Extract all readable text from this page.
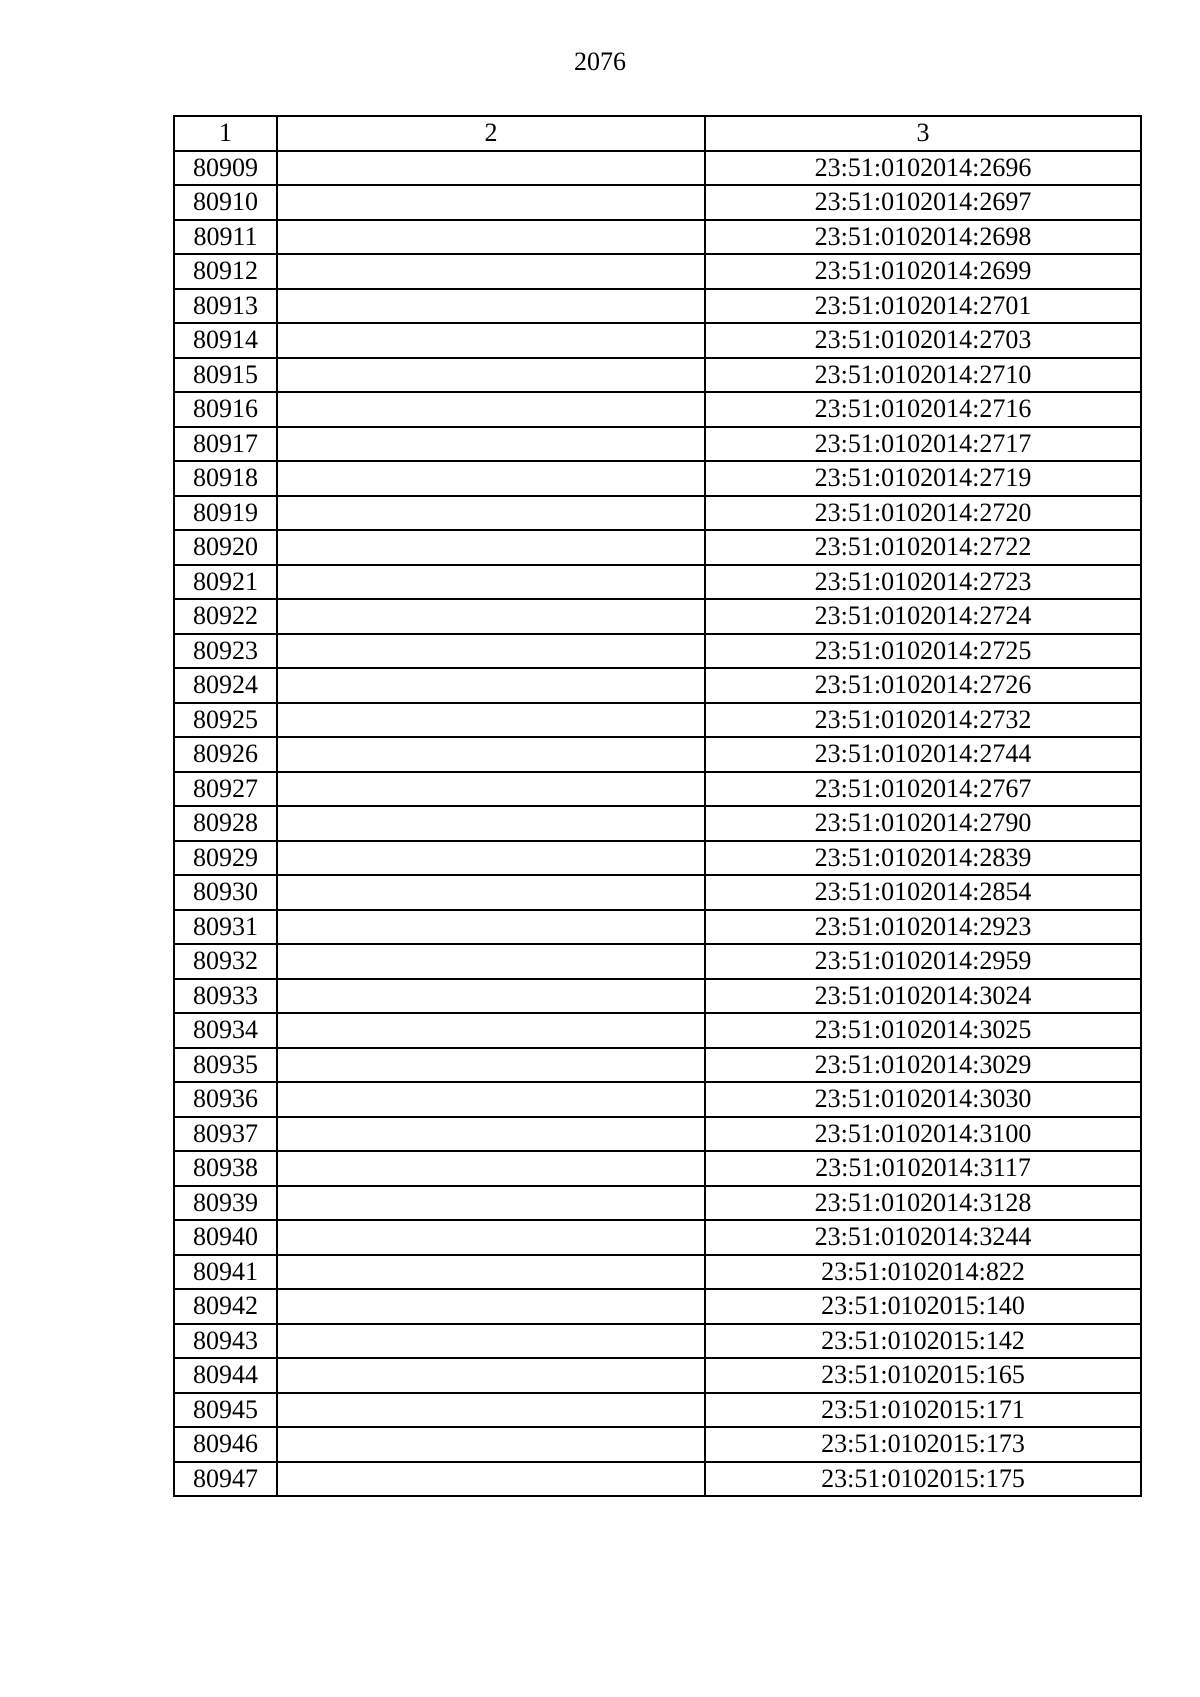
2076
1	2	3
80909		23:51:0102014:2696
80910		23:51:0102014:2697
80911		23:51:0102014:2698
80912		23:51:0102014:2699
80913		23:51:0102014:2701
80914		23:51:0102014:2703
80915		23:51:0102014:2710
80916		23:51:0102014:2716
80917		23:51:0102014:2717
80918		23:51:0102014:2719
80919		23:51:0102014:2720
80920		23:51:0102014:2722
80921		23:51:0102014:2723
80922		23:51:0102014:2724
80923		23:51:0102014:2725
80924		23:51:0102014:2726
80925		23:51:0102014:2732
80926		23:51:0102014:2744
80927		23:51:0102014:2767
80928		23:51:0102014:2790
80929		23:51:0102014:2839
80930		23:51:0102014:2854
80931		23:51:0102014:2923
80932		23:51:0102014:2959
80933		23:51:0102014:3024
80934		23:51:0102014:3025
80935		23:51:0102014:3029
80936		23:51:0102014:3030
80937		23:51:0102014:3100
80938		23:51:0102014:3117
80939		23:51:0102014:3128
80940		23:51:0102014:3244
80941		23:51:0102014:822
80942		23:51:0102015:140
80943		23:51:0102015:142
80944		23:51:0102015:165
80945		23:51:0102015:171
80946		23:51:0102015:173
80947		23:51:0102015:175
